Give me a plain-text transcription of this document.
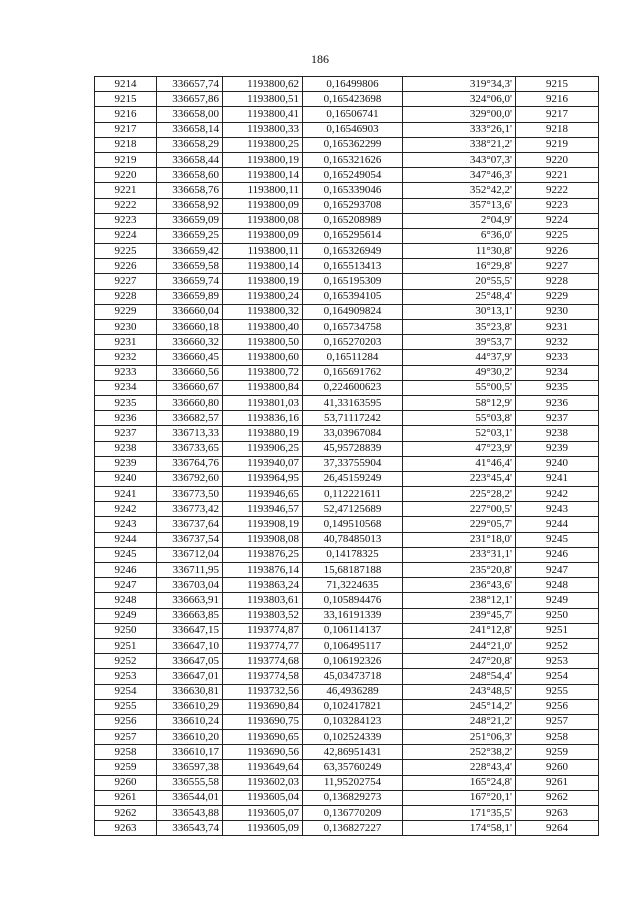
186
9214	336657,74	1193800,62	0,16499806	319°34,3'	9215
9215	336657,86	1193800,51	0,165423698	324°06,0'	9216
9216	336658,00	1193800,41	0,16506741	329°00,0'	9217
9217	336658,14	1193800,33	0,16546903	333°26,1'	9218
9218	336658,29	1193800,25	0,165362299	338°21,2'	9219
9219	336658,44	1193800,19	0,165321626	343°07,3'	9220
9220	336658,60	1193800,14	0,165249054	347°46,3'	9221
9221	336658,76	1193800,11	0,165339046	352°42,2'	9222
9222	336658,92	1193800,09	0,165293708	357°13,6'	9223
9223	336659,09	1193800,08	0,165208989	2°04,9'	9224
9224	336659,25	1193800,09	0,165295614	6°36,0'	9225
9225	336659,42	1193800,11	0,165326949	11°30,8'	9226
9226	336659,58	1193800,14	0,165513413	16°29,8'	9227
9227	336659,74	1193800,19	0,165195309	20°55,5'	9228
9228	336659,89	1193800,24	0,165394105	25°48,4'	9229
9229	336660,04	1193800,32	0,164909824	30°13,1'	9230
9230	336660,18	1193800,40	0,165734758	35°23,8'	9231
9231	336660,32	1193800,50	0,165270203	39°53,7'	9232
9232	336660,45	1193800,60	0,16511284	44°37,9'	9233
9233	336660,56	1193800,72	0,165691762	49°30,2'	9234
9234	336660,67	1193800,84	0,224600623	55°00,5'	9235
9235	336660,80	1193801,03	41,33163595	58°12,9'	9236
9236	336682,57	1193836,16	53,71117242	55°03,8'	9237
9237	336713,33	1193880,19	33,03967084	52°03,1'	9238
9238	336733,65	1193906,25	45,95728839	47°23,9'	9239
9239	336764,76	1193940,07	37,33755904	41°46,4'	9240
9240	336792,60	1193964,95	26,45159249	223°45,4'	9241
9241	336773,50	1193946,65	0,112221611	225°28,2'	9242
9242	336773,42	1193946,57	52,47125689	227°00,5'	9243
9243	336737,64	1193908,19	0,149510568	229°05,7'	9244
9244	336737,54	1193908,08	40,78485013	231°18,0'	9245
9245	336712,04	1193876,25	0,14178325	233°31,1'	9246
9246	336711,95	1193876,14	15,68187188	235°20,8'	9247
9247	336703,04	1193863,24	71,3224635	236°43,6'	9248
9248	336663,91	1193803,61	0,105894476	238°12,1'	9249
9249	336663,85	1193803,52	33,16191339	239°45,7'	9250
9250	336647,15	1193774,87	0,106114137	241°12,8'	9251
9251	336647,10	1193774,77	0,106495117	244°21,0'	9252
9252	336647,05	1193774,68	0,106192326	247°20,8'	9253
9253	336647,01	1193774,58	45,03473718	248°54,4'	9254
9254	336630,81	1193732,56	46,4936289	243°48,5'	9255
9255	336610,29	1193690,84	0,102417821	245°14,2'	9256
9256	336610,24	1193690,75	0,103284123	248°21,2'	9257
9257	336610,20	1193690,65	0,102524339	251°06,3'	9258
9258	336610,17	1193690,56	42,86951431	252°38,2'	9259
9259	336597,38	1193649,64	63,35760249	228°43,4'	9260
9260	336555,58	1193602,03	11,95202754	165°24,8'	9261
9261	336544,01	1193605,04	0,136829273	167°20,1'	9262
9262	336543,88	1193605,07	0,136770209	171°35,5'	9263
9263	336543,74	1193605,09	0,136827227	174°58,1'	9264
